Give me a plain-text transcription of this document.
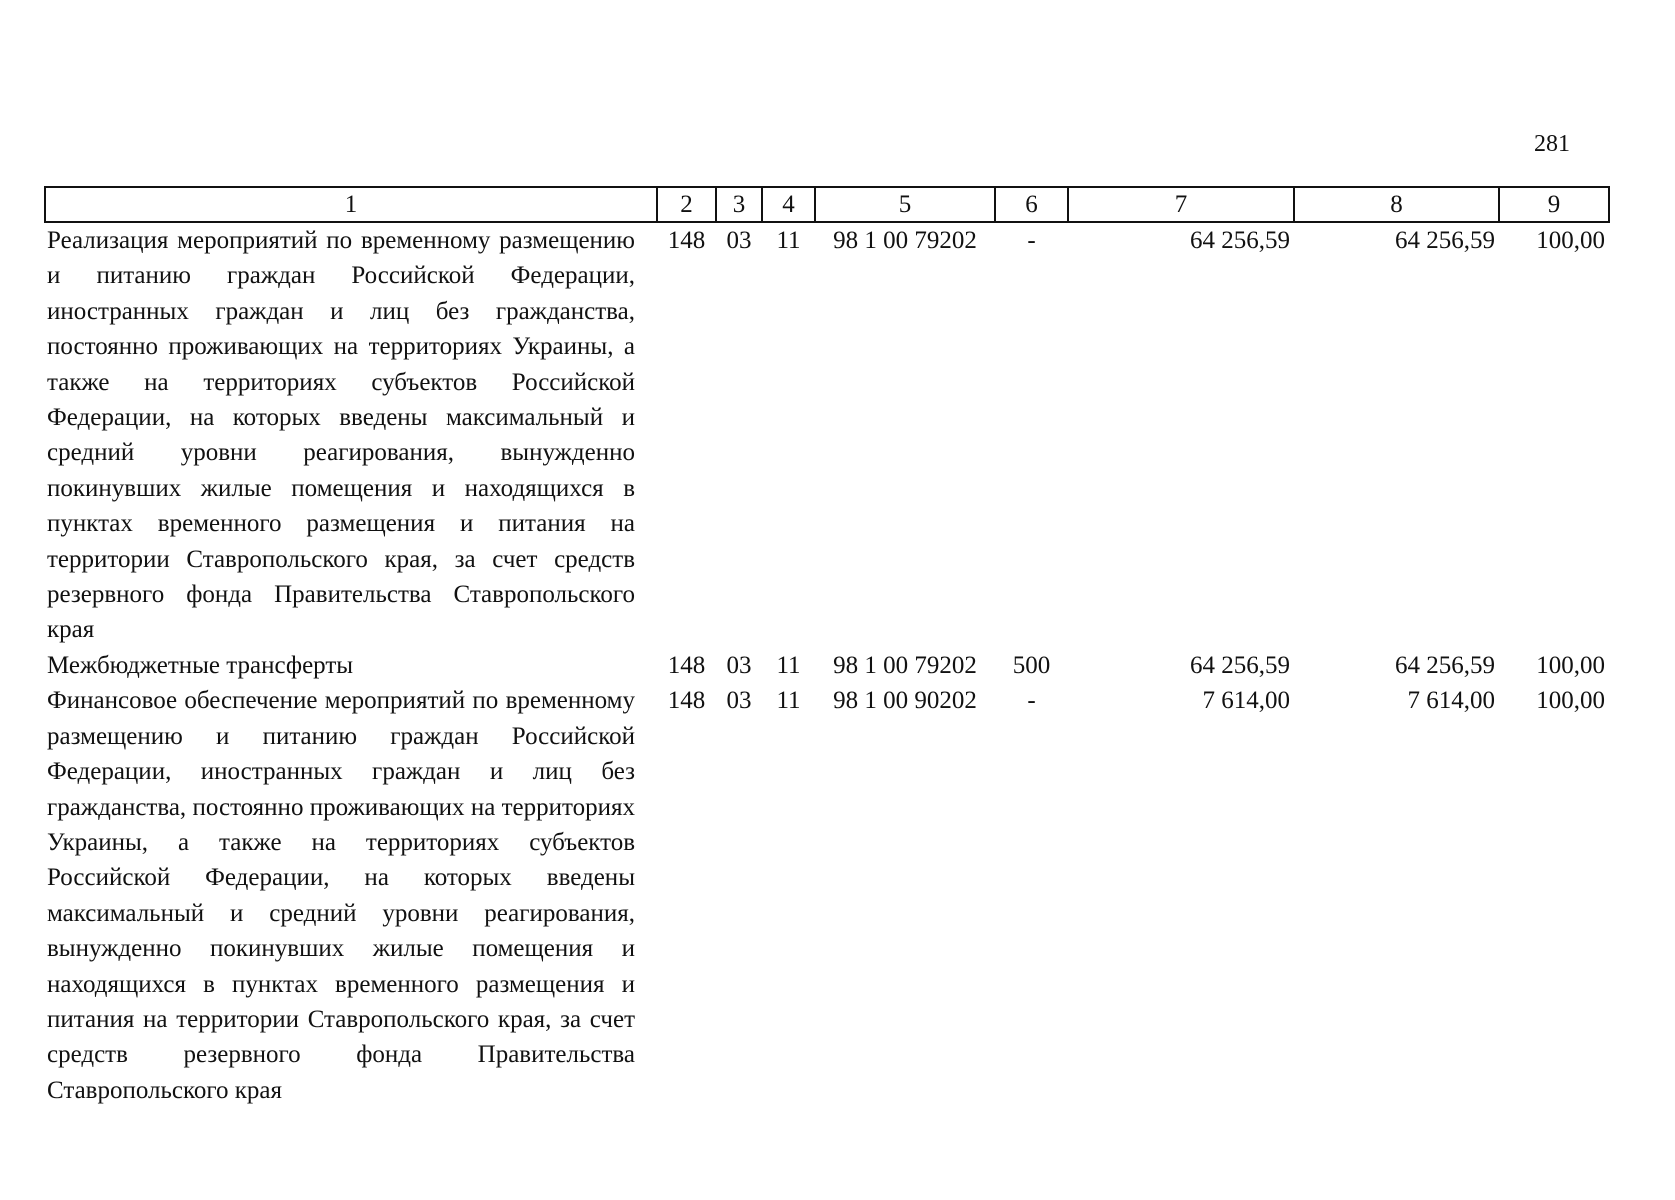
281
1	2	3	4	5	6	7	8	9
Реализация мероприятий по временному размещению и питанию граждан Российской Федерации, иностранных граждан и лиц без гражданства, постоянно проживающих на территориях Украины, а также на территориях субъектов Российской Федерации, на которых введены максимальный и средний уровни реагирования, вынужденно покинувших жилые помещения и находящихся в пунктах временного размещения и питания на территории Ставропольского края, за счет средств резервного фонда Правительства Ставропольского края	148	03	11	98 1 00 79202	-	64 256,59	64 256,59	100,00
Межбюджетные трансферты	148	03	11	98 1 00 79202	500	64 256,59	64 256,59	100,00
Финансовое обеспечение мероприятий по временному размещению и питанию граждан Российской Федерации, иностранных граждан и лиц без гражданства, постоянно проживающих на территориях Украины, а также на территориях субъектов Российской Федерации, на которых введены максимальный и средний уровни реагирования, вынужденно покинувших жилые помещения и находящихся в пунктах временного размещения и питания на территории Ставропольского края, за счет средств резервного фонда Правительства Ставропольского края	148	03	11	98 1 00 90202	-	7 614,00	7 614,00	100,00
